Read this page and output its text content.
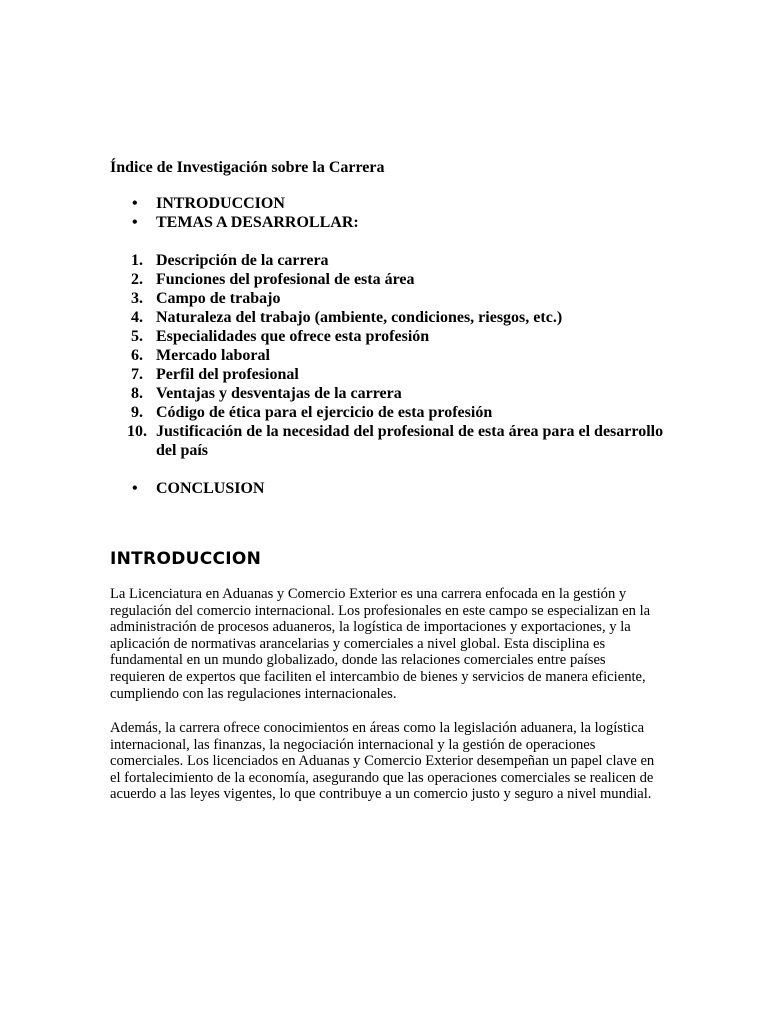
Índice de Investigación sobre la Carrera
• INTRODUCCION
• TEMAS A DESARROLLAR:
1. Descripción de la carrera
2. Funciones del profesional de esta área
3. Campo de trabajo
4. Naturaleza del trabajo (ambiente, condiciones, riesgos, etc.)
5. Especialidades que ofrece esta profesión
6. Mercado laboral
7. Perfil del profesional
8. Ventajas y desventajas de la carrera
9. Código de ética para el ejercicio de esta profesión
10. Justificación de la necesidad del profesional de esta área para el desarrollo del país
• CONCLUSION
INTRODUCCION

La Licenciatura en Aduanas y Comercio Exterior es una carrera enfocada en la gestión y regulación del comercio internacional. Los profesionales en este campo se especializan en la administración de procesos aduaneros, la logística de importaciones y exportaciones, y la aplicación de normativas arancelarias y comerciales a nivel global. Esta disciplina es fundamental en un mundo globalizado, donde las relaciones comerciales entre países requieren de expertos que faciliten el intercambio de bienes y servicios de manera eficiente, cumpliendo con las regulaciones internacionales.

Además, la carrera ofrece conocimientos en áreas como la legislación aduanera, la logística internacional, las finanzas, la negociación internacional y la gestión de operaciones comerciales. Los licenciados en Aduanas y Comercio Exterior desempeñan un papel clave en el fortalecimiento de la economía, asegurando que las operaciones comerciales se realicen de acuerdo a las leyes vigentes, lo que contribuye a un comercio justo y seguro a nivel mundial.
